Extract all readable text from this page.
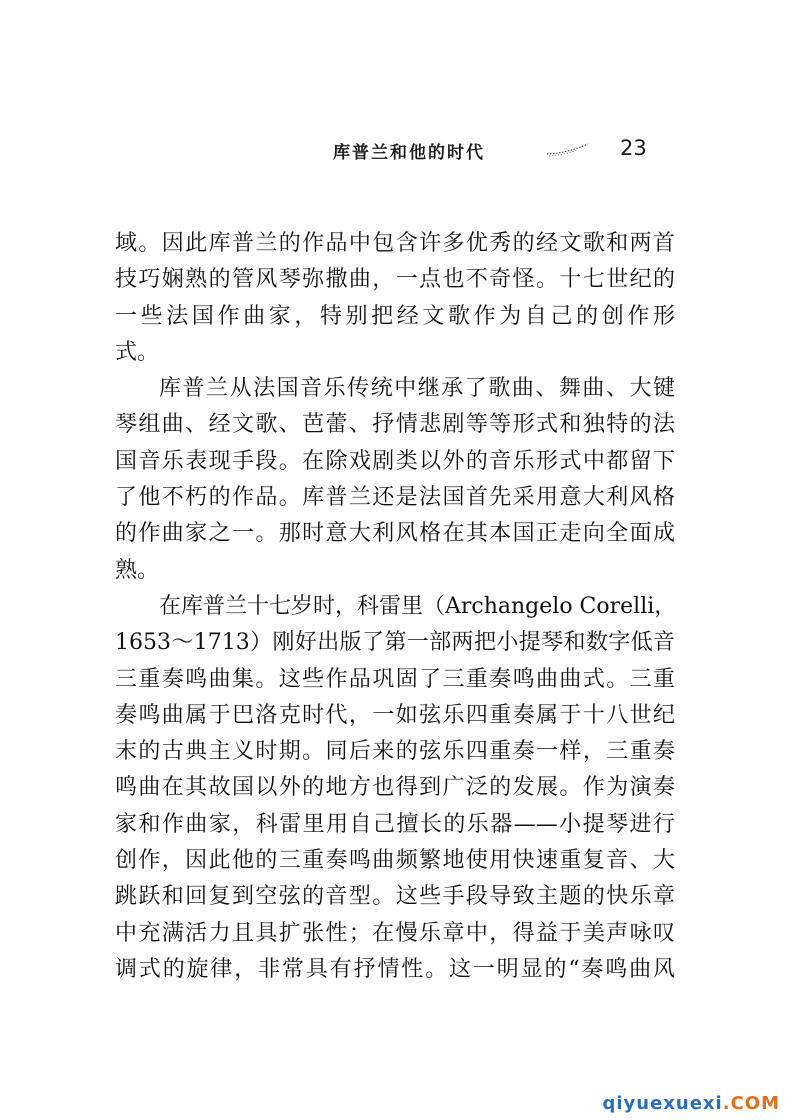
库普兰和他的时代	23
域。因此库普兰的作品中包含许多优秀的经文歌和两首
技巧娴熟的管风琴弥撒曲，一点也不奇怪。十七世纪的
一些法国作曲家，特别把经文歌作为自己的创作形
式。
库普兰从法国音乐传统中继承了歌曲、舞曲、大键
琴组曲、经文歌、芭蕾、抒情悲剧等等形式和独特的法
国音乐表现手段。在除戏剧类以外的音乐形式中都留下
了他不朽的作品。库普兰还是法国首先采用意大利风格
的作曲家之一。那时意大利风格在其本国正走向全面成
熟。
在库普兰十七岁时，科雷里（Archangelo Corelli，
1653～1713）刚好出版了第一部两把小提琴和数字低音
三重奏鸣曲集。这些作品巩固了三重奏鸣曲曲式。三重
奏鸣曲属于巴洛克时代，一如弦乐四重奏属于十八世纪
末的古典主义时期。同后来的弦乐四重奏一样，三重奏
鸣曲在其故国以外的地方也得到广泛的发展。作为演奏
家和作曲家，科雷里用自己擅长的乐器——小提琴进行
创作，因此他的三重奏鸣曲频繁地使用快速重复音、大
跳跃和回复到空弦的音型。这些手段导致主题的快乐章
中充满活力且具扩张性；在慢乐章中，得益于美声咏叹
调式的旋律，非常具有抒情性。这一明显的“奏鸣曲风
qiyuexuexi.COM
